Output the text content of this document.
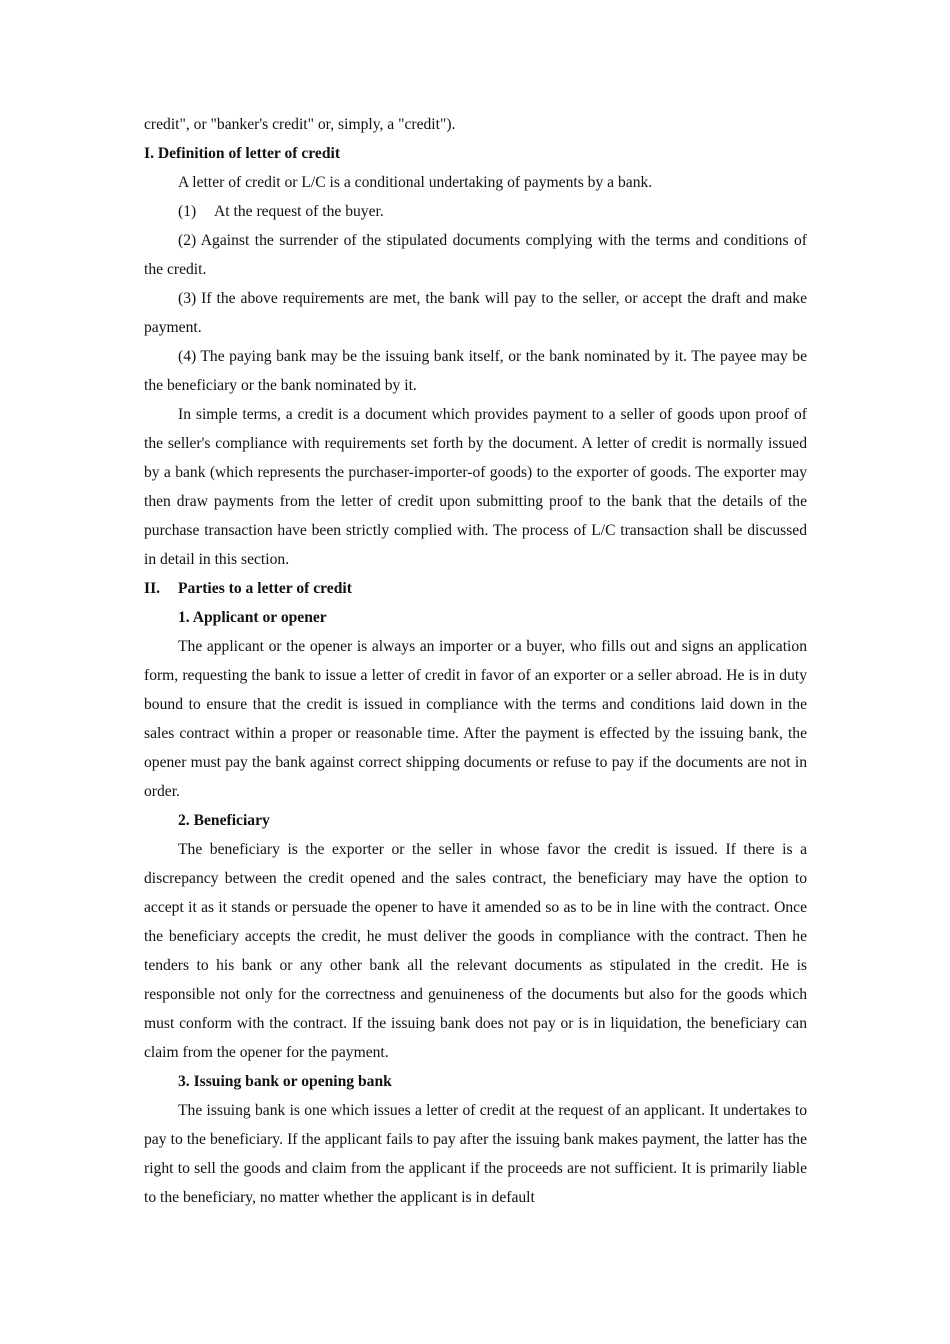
credit", or "banker's credit" or, simply, a "credit").

I. Definition of letter of credit

A letter of credit or L/C is a conditional undertaking of payments by a bank.

(1) At the request of the buyer.

(2) Against the surrender of the stipulated documents complying with the terms and conditions of the credit.

(3) If the above requirements are met, the bank will pay to the seller, or accept the draft and make payment.

(4) The paying bank may be the issuing bank itself, or the bank nominated by it. The payee may be the beneficiary or the bank nominated by it.

In simple terms, a credit is a document which provides payment to a seller of goods upon proof of the seller's compliance with requirements set forth by the document. A letter of credit is normally issued by a bank (which represents the purchaser-importer-of goods) to the exporter of goods. The exporter may then draw payments from the letter of credit upon submitting proof to the bank that the details of the purchase transaction have been strictly complied with. The process of L/C transaction shall be discussed in detail in this section.

II. Parties to a letter of credit

1. Applicant or opener

The applicant or the opener is always an importer or a buyer, who fills out and signs an application form, requesting the bank to issue a letter of credit in favor of an exporter or a seller abroad. He is in duty bound to ensure that the credit is issued in compliance with the terms and conditions laid down in the sales contract within a proper or reasonable time. After the payment is effected by the issuing bank, the opener must pay the bank against correct shipping documents or refuse to pay if the documents are not in order.

2. Beneficiary

The beneficiary is the exporter or the seller in whose favor the credit is issued. If there is a discrepancy between the credit opened and the sales contract, the beneficiary may have the option to accept it as it stands or persuade the opener to have it amended so as to be in line with the contract. Once the beneficiary accepts the credit, he must deliver the goods in compliance with the contract. Then he tenders to his bank or any other bank all the relevant documents as stipulated in the credit. He is responsible not only for the correctness and genuineness of the documents but also for the goods which must conform with the contract. If the issuing bank does not pay or is in liquidation, the beneficiary can claim from the opener for the payment.

3. Issuing bank or opening bank

The issuing bank is one which issues a letter of credit at the request of an applicant. It undertakes to pay to the beneficiary. If the applicant fails to pay after the issuing bank makes payment, the latter has the right to sell the goods and claim from the applicant if the proceeds are not sufficient. It is primarily liable to the beneficiary, no matter whether the applicant is in default
